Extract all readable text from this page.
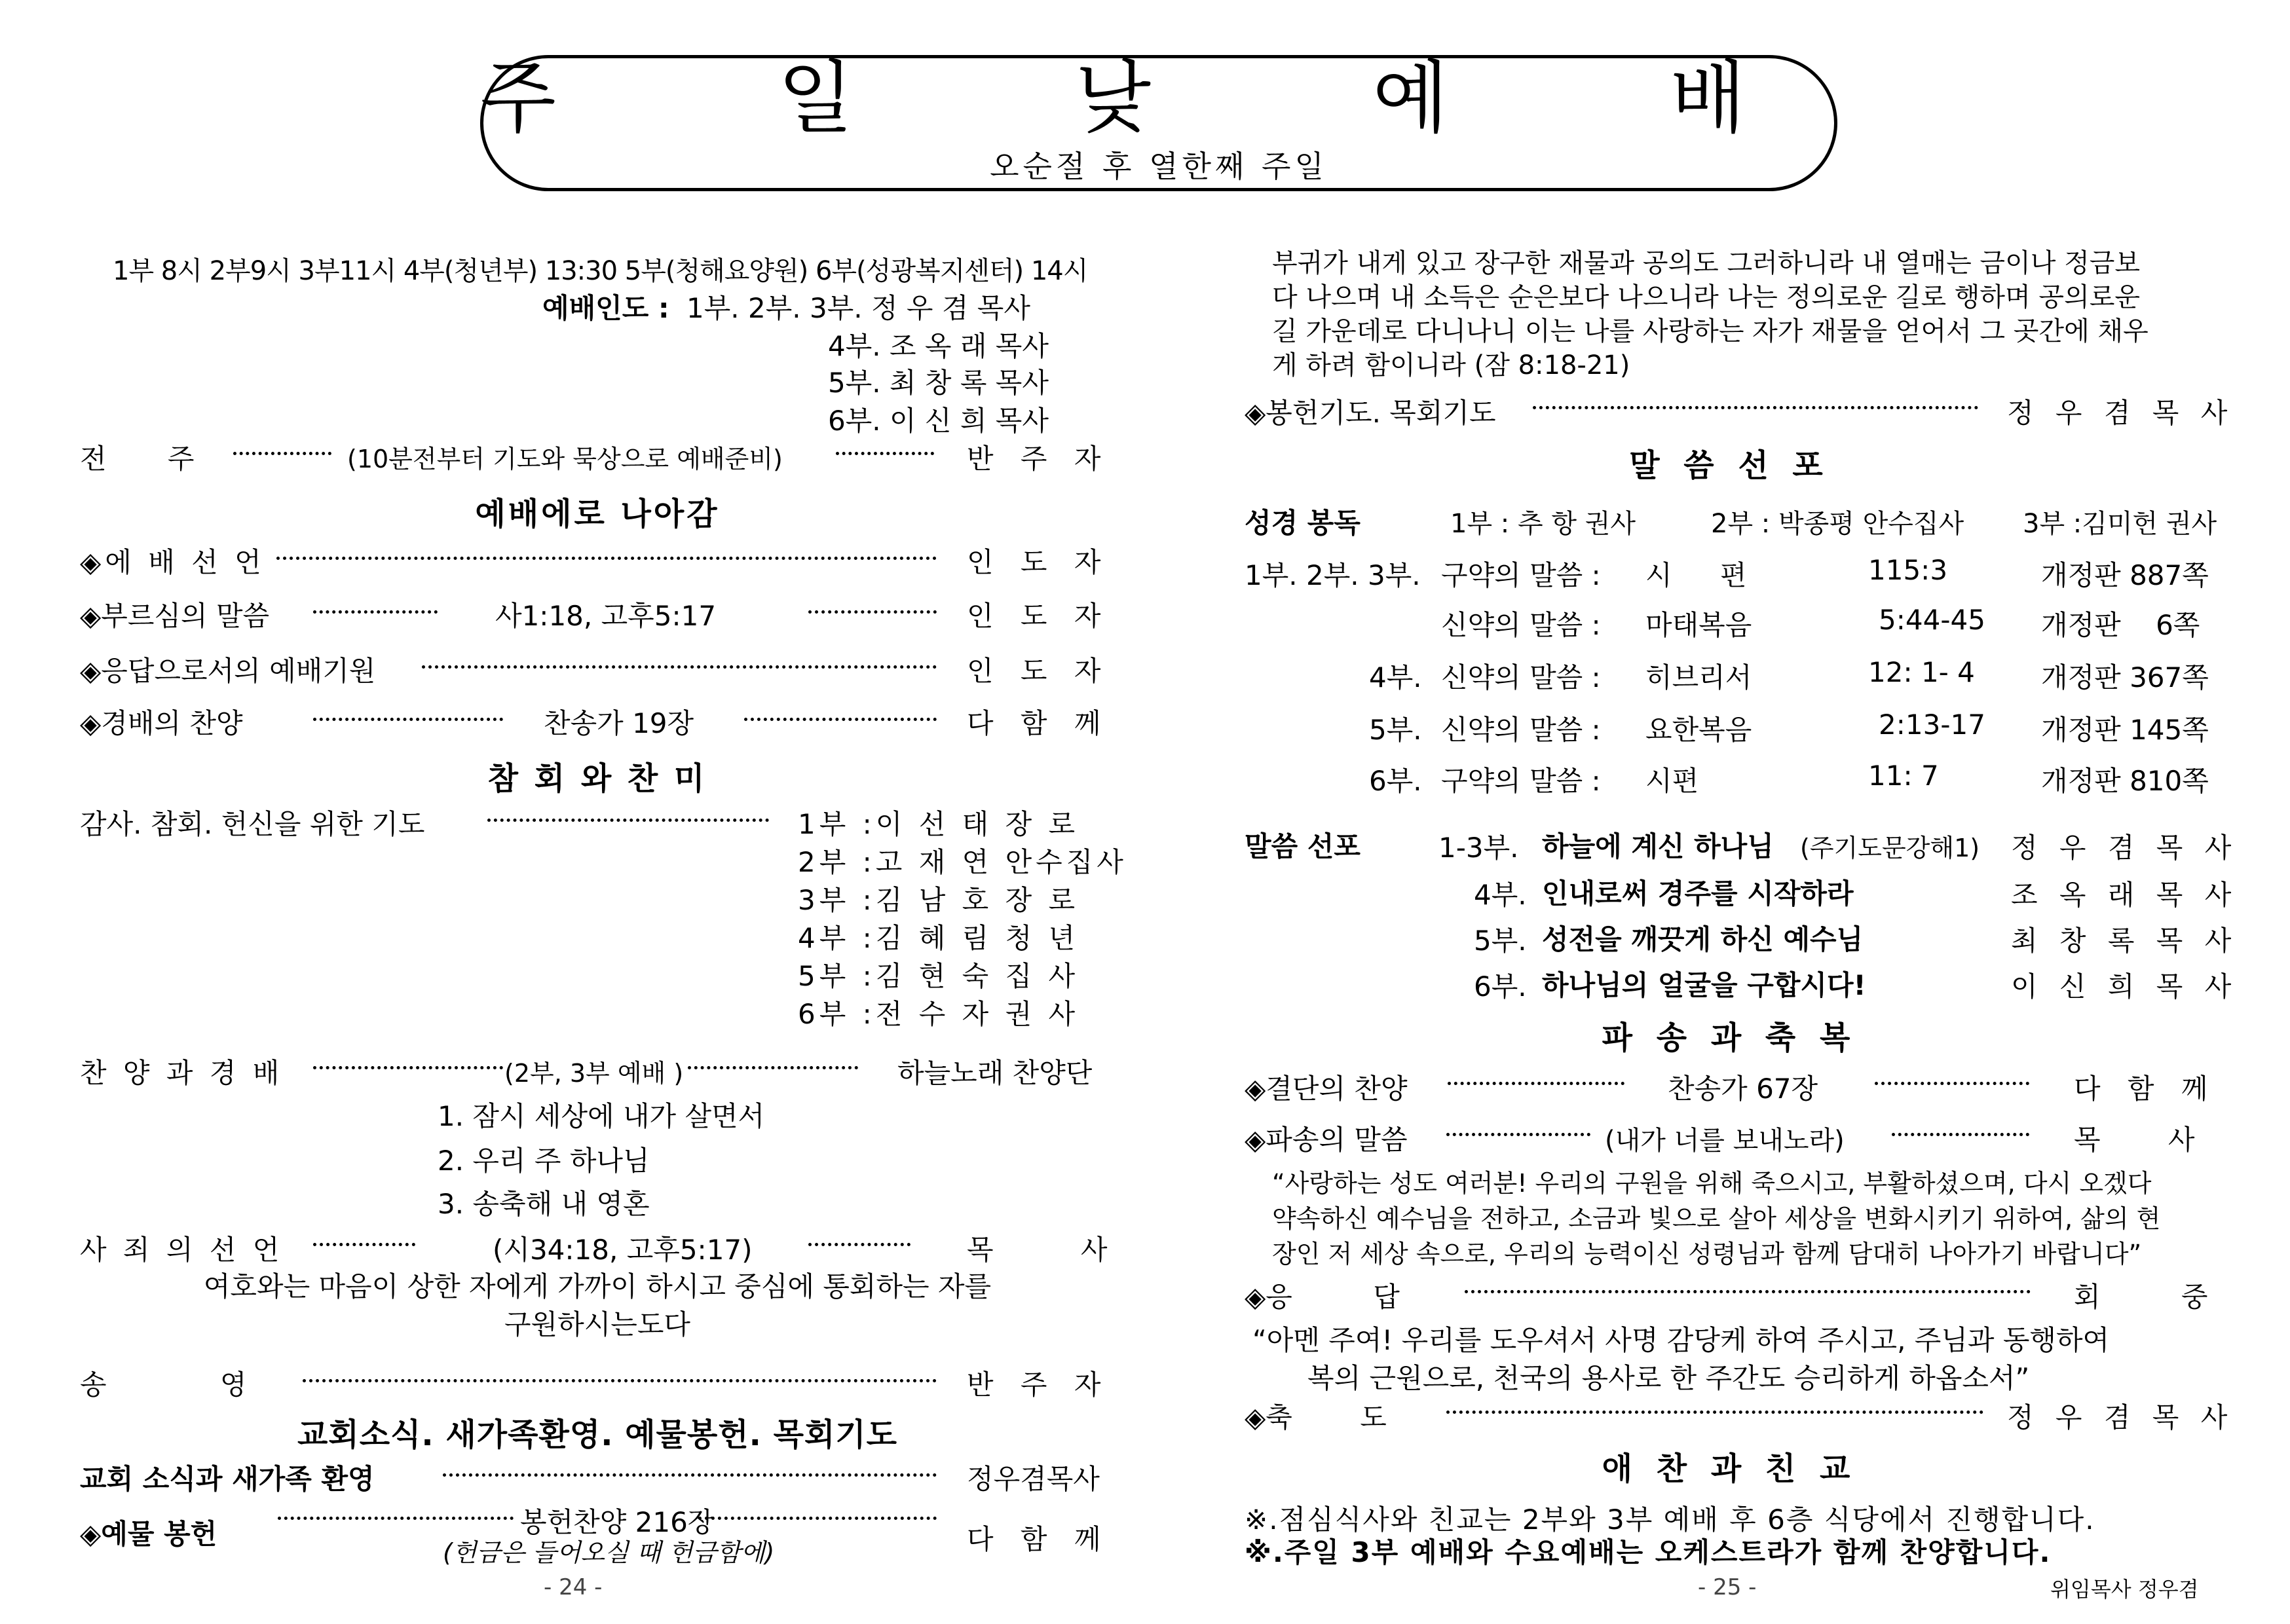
주 일 낮 예 배
오순절 후 열한째 주일
1부 8시 2부9시 3부11시 4부(청년부) 13:30 5부(청해요양원) 6부(성광복지센터) 14시
예배인도 : 1부. 2부. 3부. 정 우 겸 목사
4부. 조 옥 래 목사
5부. 최 창 록 목사
6부. 이 신 희 목사
전 주	(10분전부터 기도와 묵상으로 예배준비)	반 주 자
예배에로 나아감
◈에 배 선 언	인 도 자
◈부르심의 말씀	사1:18, 고후5:17	인 도 자
◈응답으로서의 예배기원	인 도 자
◈경배의 찬양	찬송가 19장	다 함 께
참 회 와 찬 미
감사. 참회. 헌신을 위한 기도	1부 :이 선 태 장 로
2부 :고 재 연 안수집사
3부 :김 남 호 장 로
4부 :김 혜 림 청 년
5부 :김 현 숙 집 사
6부 :전 수 자 권 사
찬 양 과 경 배	(2부, 3부 예배 )	하늘노래 찬양단
1. 잠시 세상에 내가 살면서
2. 우리 주 하나님
3. 송축해 내 영혼
사 죄 의 선 언	(시34:18, 고후5:17)	목 사
여호와는 마음이 상한 자에게 가까이 하시고 중심에 통회하는 자를
구원하시는도다
송 영	반 주 자
교회소식. 새가족환영. 예물봉헌. 목회기도
교회 소식과 새가족 환영	정우겸목사
◈예물 봉헌	봉헌찬양 216장
(헌금은 들어오실 때 헌금함에)	다 함 께
- 24 -
부귀가 내게 있고 장구한 재물과 공의도 그러하니라 내 열매는 금이나 정금보
다 나으며 내 소득은 순은보다 나으니라 나는 정의로운 길로 행하며 공의로운
길 가운데로 다니나니 이는 나를 사랑하는 자가 재물을 얻어서 그 곳간에 채우
게 하려 함이니라 (잠 8:18-21)
◈봉헌기도. 목회기도	정 우 겸 목 사
말 씀 선 포
성경 봉독	1부 : 추 항 권사	2부 : 박종평 안수집사 3부 :김미헌 권사
1부. 2부. 3부. 구약의 말씀 : 시 편	115:3	개정판 887쪽
신약의 말씀 : 마태복음	5:44-45 개정판 6쪽
4부. 신약의 말씀 : 히브리서	12: 1- 4 개정판 367쪽
5부. 신약의 말씀 : 요한복음	2:13-17 개정판 145쪽
6부. 구약의 말씀 : 시편	11: 7	개정판 810쪽
말씀 선포	1-3부. 하늘에 계신 하나님 (주기도문강해1) 정 우 겸 목 사
4부. 인내로써 경주를 시작하라	조 옥 래 목 사
5부. 성전을 깨끗게 하신 예수님	최 창 록 목 사
6부. 하나님의 얼굴을 구합시다!	이 신 희 목 사
파 송 과 축 복
◈결단의 찬양	찬송가 67장	다 함 께
◈파송의 말씀	(내가 너를 보내노라)	목 사
“사랑하는 성도 여러분! 우리의 구원을 위해 죽으시고, 부활하셨으며, 다시 오겠다
약속하신 예수님을 전하고, 소금과 빛으로 살아 세상을 변화시키기 위하여, 삶의 현
장인 저 세상 속으로, 우리의 능력이신 성령님과 함께 담대히 나아가기 바랍니다”
◈응 답	회 중
“아멘 주여! 우리를 도우셔서 사명 감당케 하여 주시고, 주님과 동행하여
복의 근원으로, 천국의 용사로 한 주간도 승리하게 하옵소서”
◈축 도	정 우 겸 목 사
애 찬 과 친 교
※.점심식사와 친교는 2부와 3부 예배 후 6층 식당에서 진행합니다.
※.주일 3부 예배와 수요예배는 오케스트라가 함께 찬양합니다.
- 25 -	위임목사 정우겸
